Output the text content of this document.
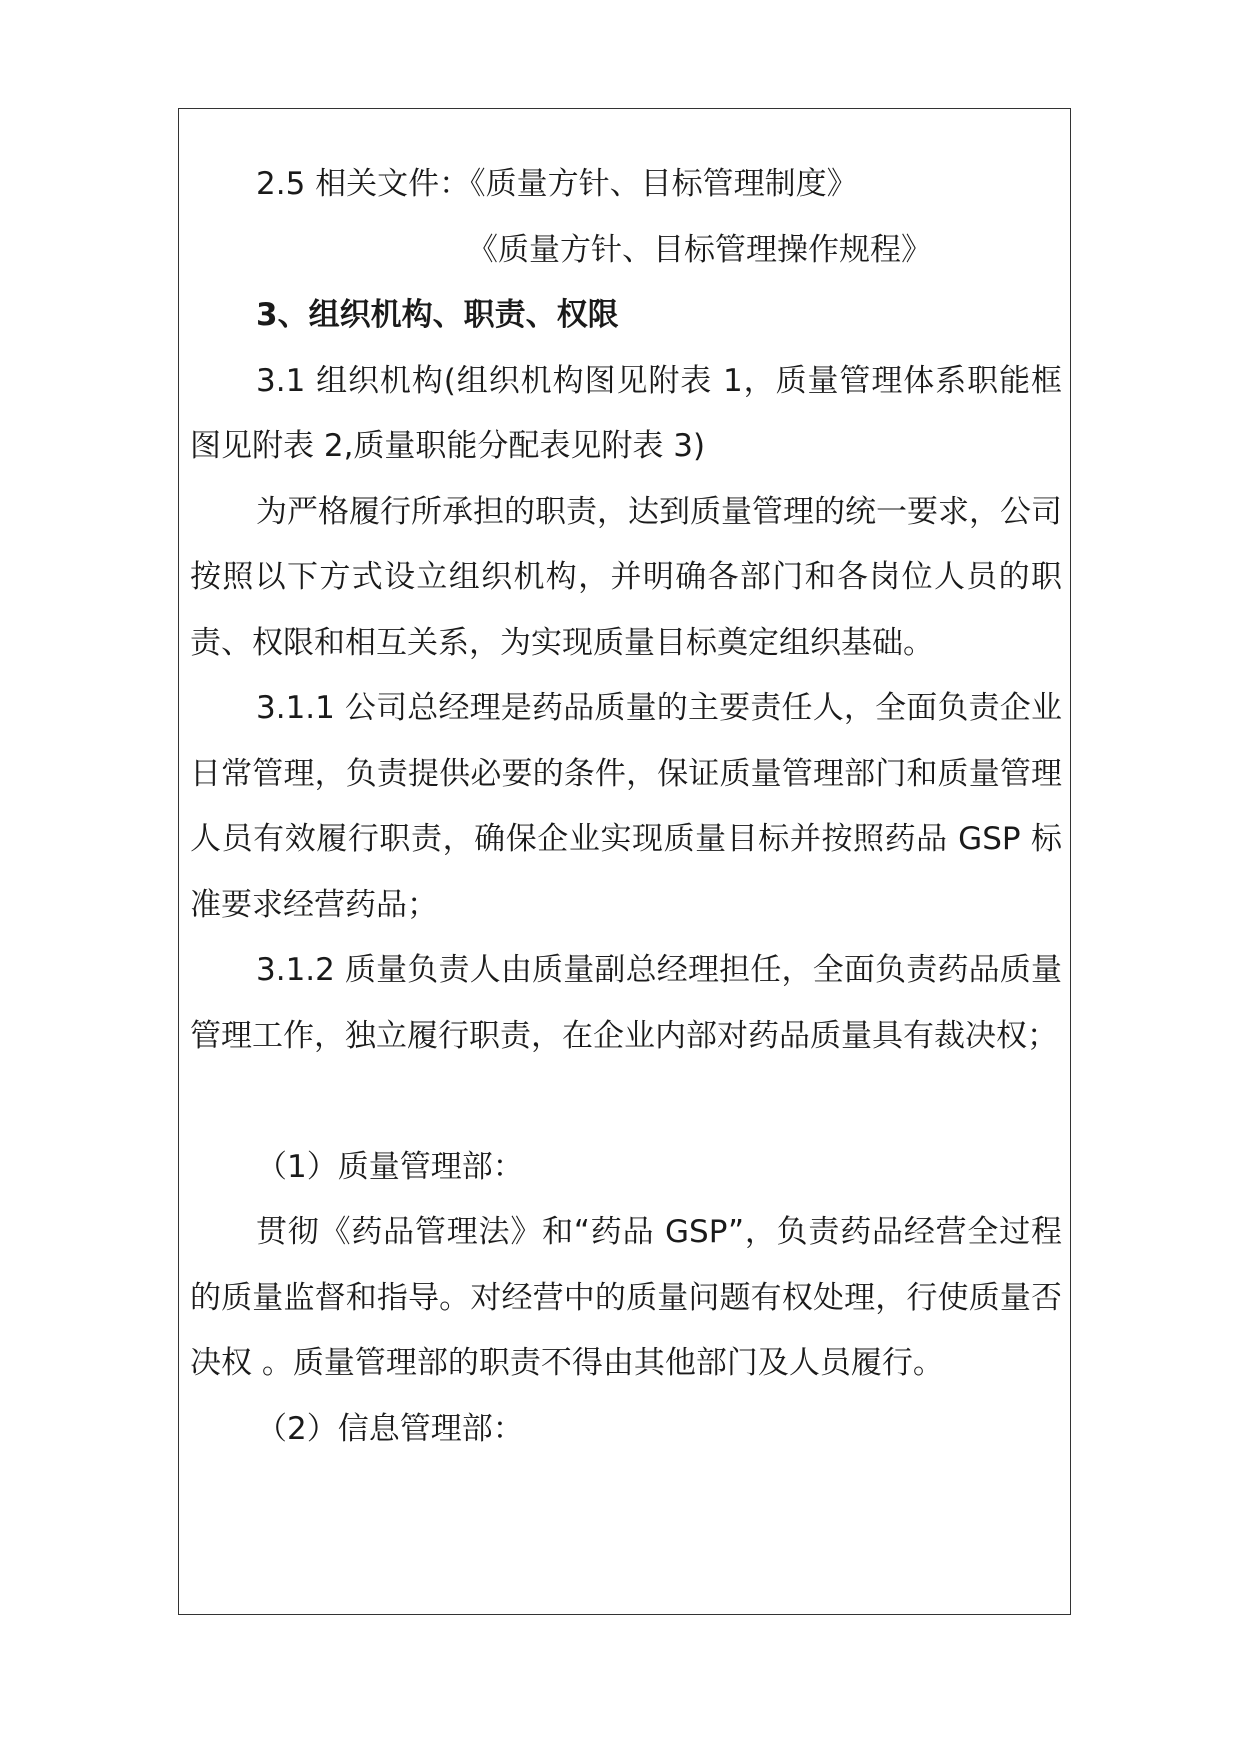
2.5 相关文件：《质量方针、目标管理制度》

《质量方针、目标管理操作规程》

3、组织机构、职责、权限

3.1 组织机构(组织机构图见附表 1，质量管理体系职能框图见附表 2,质量职能分配表见附表 3)

为严格履行所承担的职责，达到质量管理的统一要求，公司按照以下方式设立组织机构，并明确各部门和各岗位人员的职责、权限和相互关系，为实现质量目标奠定组织基础。

3.1.1 公司总经理是药品质量的主要责任人，全面负责企业日常管理，负责提供必要的条件，保证质量管理部门和质量管理人员有效履行职责，确保企业实现质量目标并按照药品 GSP 标准要求经营药品；

3.1.2 质量负责人由质量副总经理担任，全面负责药品质量管理工作，独立履行职责，在企业内部对药品质量具有裁决权；

（1）质量管理部：

贯彻《药品管理法》和“药品 GSP”，负责药品经营全过程的质量监督和指导。对经营中的质量问题有权处理，行使质量否决权 。质量管理部的职责不得由其他部门及人员履行。

（2）信息管理部：
